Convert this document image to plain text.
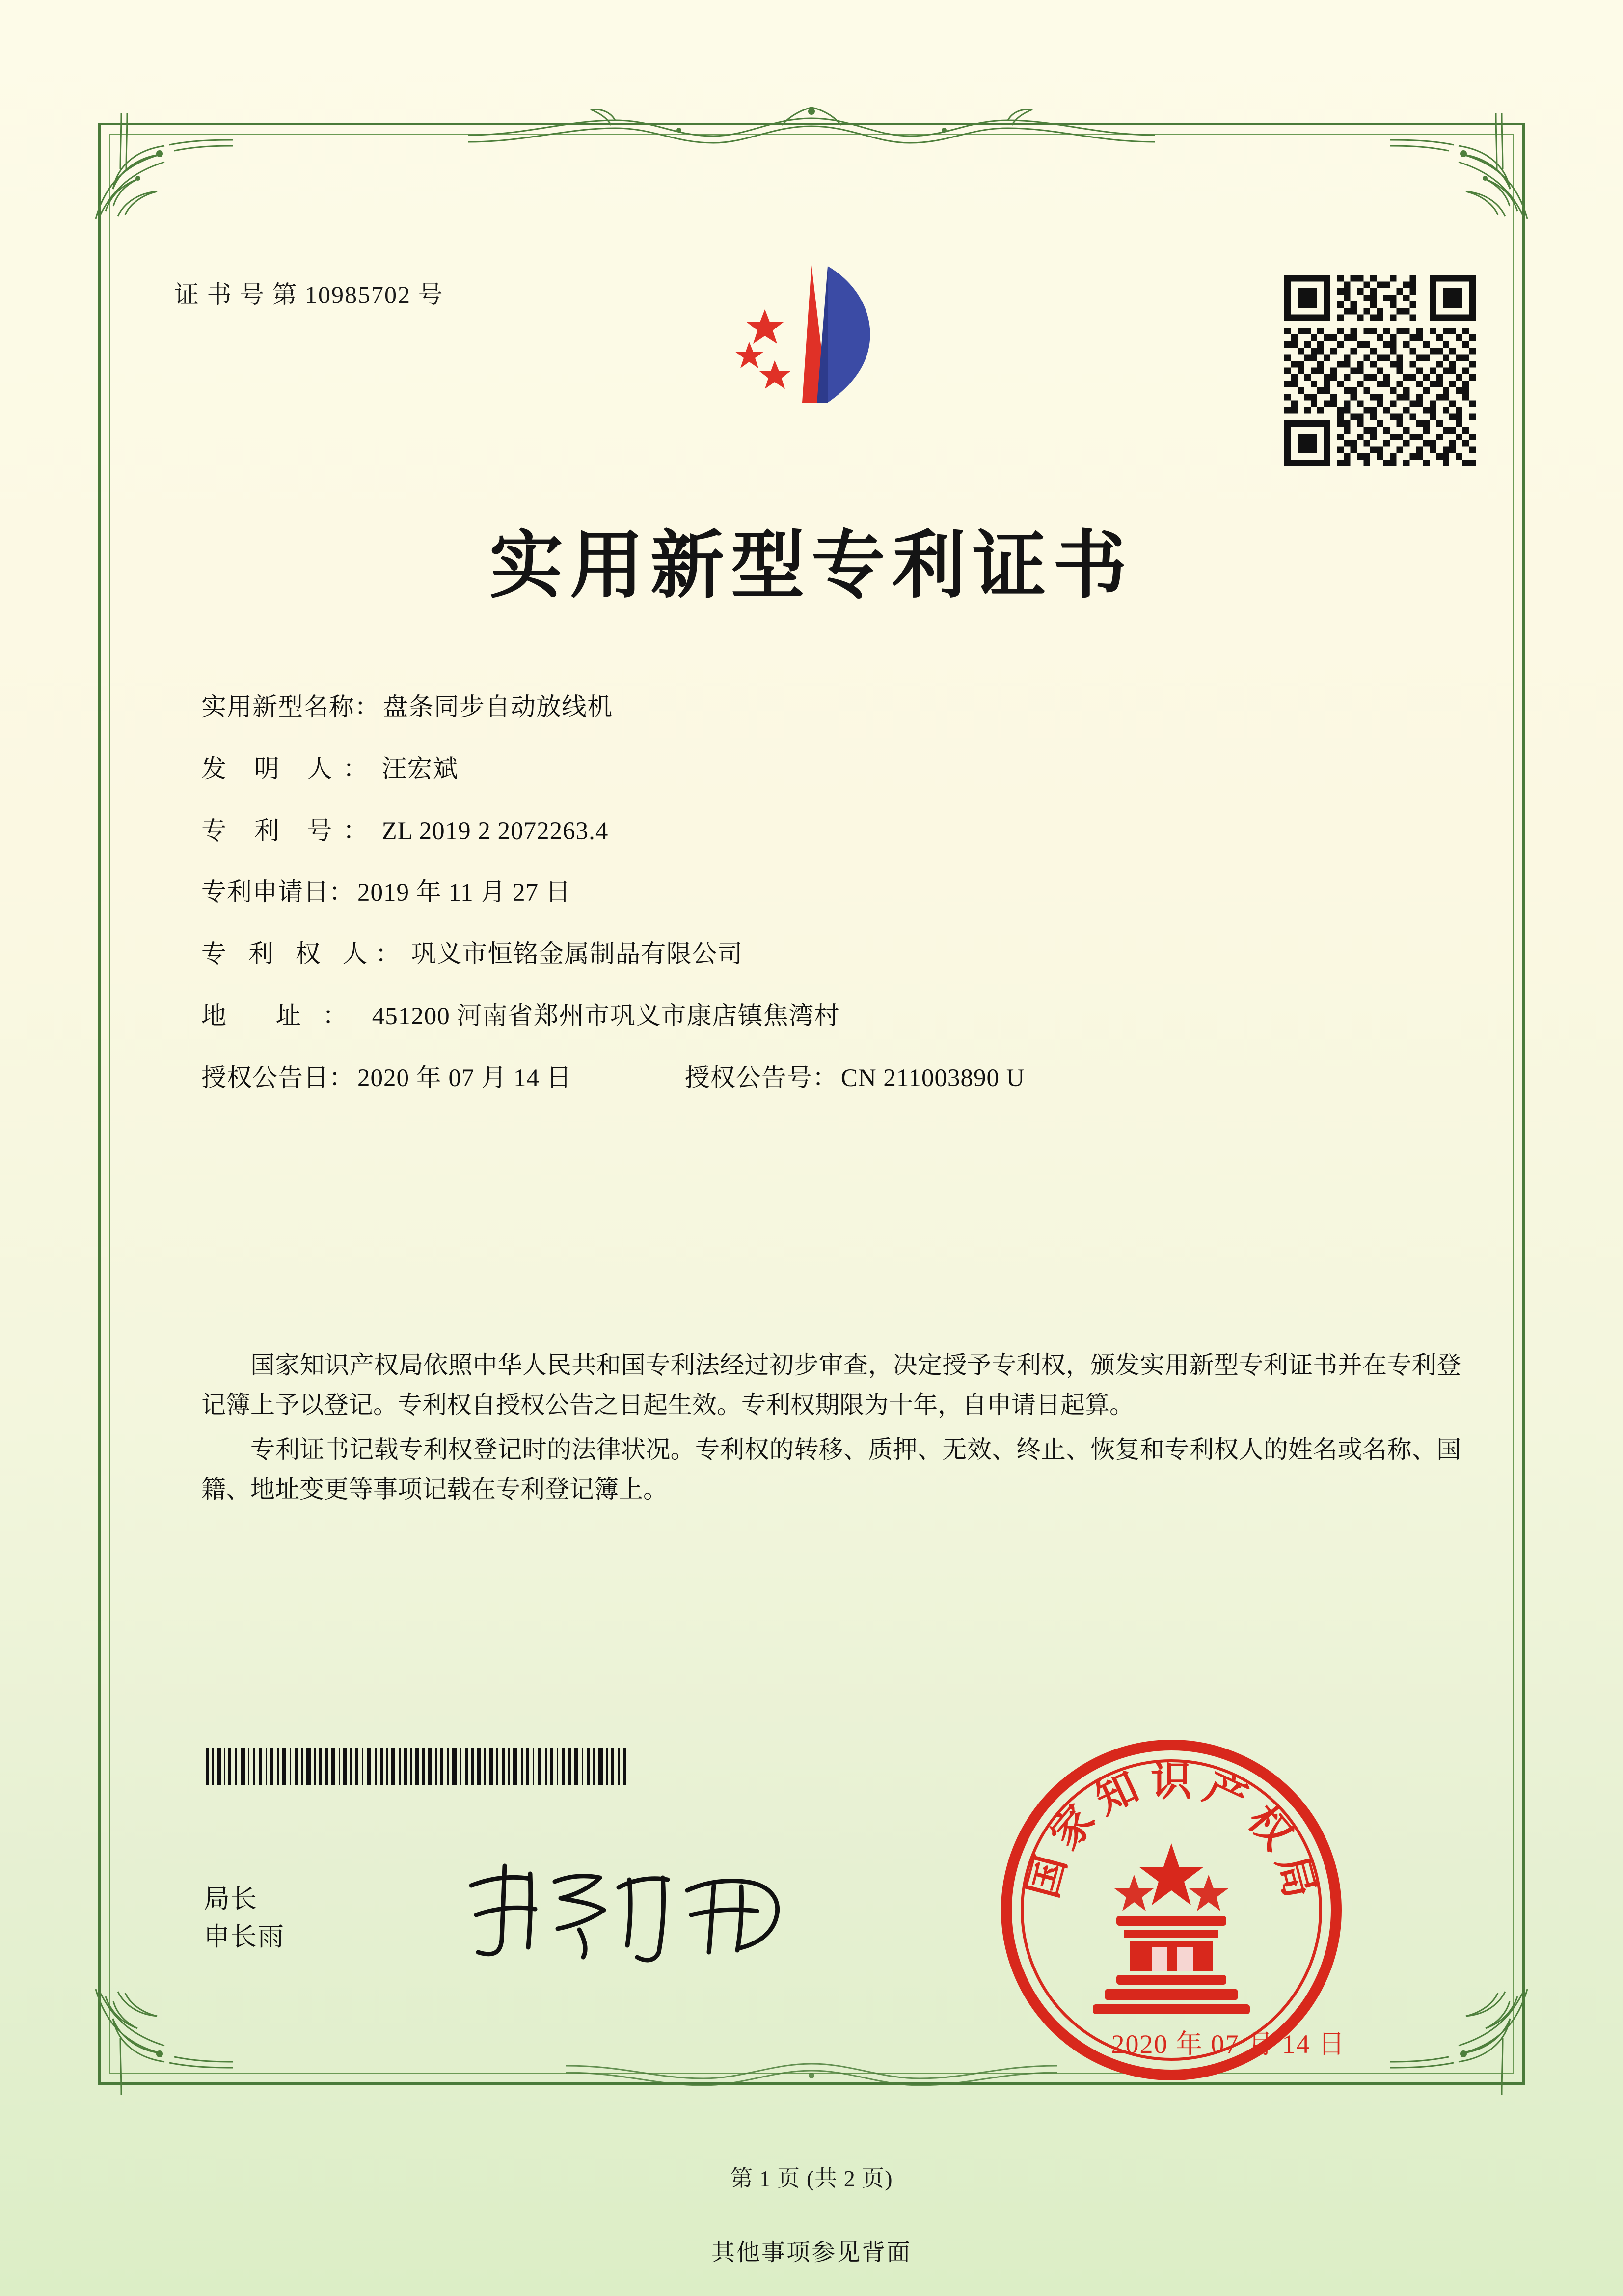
证 书 号 第 10985702 号
实用新型专利证书
实用新型名称： 盘条同步自动放线机
发 明 人： 汪宏斌
专 利 号： ZL 2019 2 2072263.4
专利申请日： 2019 年 11 月 27 日
专 利 权 人： 巩义市恒铭金属制品有限公司
地 址： 451200 河南省郑州市巩义市康店镇焦湾村
授权公告日： 2020 年 07 月 14 日	授权公告号： CN 211003890 U

国家知识产权局依照中华人民共和国专利法经过初步审查，决定授予专利权，颁发实用新型专利证书并在专利登记簿上予以登记。专利权自授权公告之日起生效。专利权期限为十年，自申请日起算。

专利证书记载专利权登记时的法律状况。专利权的转移、质押、无效、终止、恢复和专利权人的姓名或名称、国籍、地址变更等事项记载在专利登记簿上。

局长
申长雨
国
家
知 识 产
权
局
2020 年 07 月 14 日
第 1 页 (共 2 页)
其他事项参见背面
